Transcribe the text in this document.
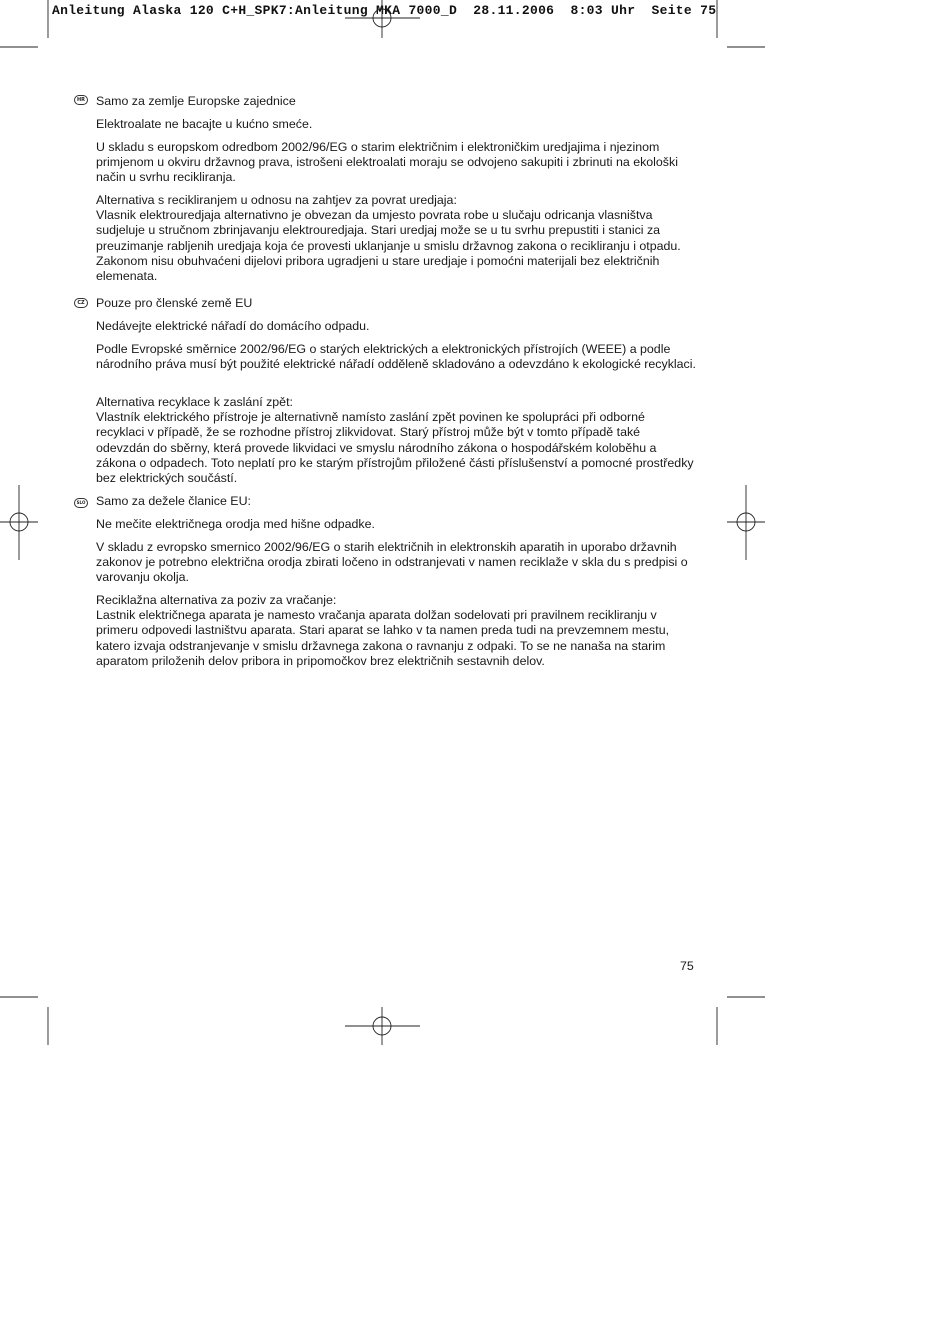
Anleitung Alaska 120 C+H_SPK7:Anleitung MKA 7000_D  28.11.2006  8:03 Uhr  Seite 75
HR Samo za zemlje Europske zajednice
Elektroalate ne bacajte u kućno smeće.
U skladu s europskom odredbom 2002/96/EG o starim električnim i elektroničkim uredjajima i njezinom primjenom u okviru državnog prava, istrošeni elektroalati moraju se odvojeno sakupiti i zbrinuti na ekološki način u svrhu recikliranja.
Alternativa s recikliranjem u odnosu na zahtjev za povrat uredjaja:
Vlasnik elektrouredjaja alternativno je obvezan da umjesto povrata robe u slučaju odricanja vlasništva sudjeluje u stručnom zbrinjavanju elektrouredjaja. Stari uredjaj može se u tu svrhu prepustiti i stanici za preuzimanje rabljenih uredjaja koja će provesti uklanjanje u smislu državnog zakona o recikliranju i otpadu. Zakonom nisu obuhvaćeni dijelovi pribora ugradjeni u stare uredjaje i pomoćni materijali bez električnih elemenata.
CZ Pouze pro členské země EU
Nedávejte elektrické nářadí do domácího odpadu.
Podle Evropské směrnice 2002/96/EG o starých elektrických a elektronických přístrojích (WEEE) a podle národního práva musí být použité elektrické nářadí odděleně skladováno a odevzdáno k ekologické recyklaci.
Alternativa recyklace k zaslání zpět:
Vlastník elektrického přístroje je alternativně namísto zaslání zpět povinen ke spolupráci při odborné recyklaci v případě, že se rozhodne přístroj zlikvidovat. Starý přístroj může být v tomto případě také odevzdán do sběrny, která provede likvidaci ve smyslu národního zákona o hospodářském koloběhu a zákona o odpadech. Toto neplatí pro ke starým přístrojům přiložené části příslušenství a pomocné prostředky bez elektrických součástí.
SLO Samo za dežele članice EU:
Ne mečite električnega orodja med hišne odpadke.
V skladu z evropsko smernico 2002/96/EG o starih električnih in elektronskih aparatih in uporabo državnih zakonov je potrebno električna orodja zbirati ločeno in odstranjevati v namen reciklaže v skla du s predpisi o varovanju okolja.
Reciklažna alternativa za poziv za vračanje:
Lastnik električnega aparata je namesto vračanja aparata dolžan sodelovati pri pravilnem recikliranju v primeru odpovedi lastništvu aparata. Stari aparat se lahko v ta namen preda tudi na prevzemnem mestu, katero izvaja odstranjevanje v smislu državnega zakona o ravnanju z odpaki. To se ne nanaša na starim aparatom priloženih delov pribora in pripomočkov brez električnih sestavnih delov.
75
